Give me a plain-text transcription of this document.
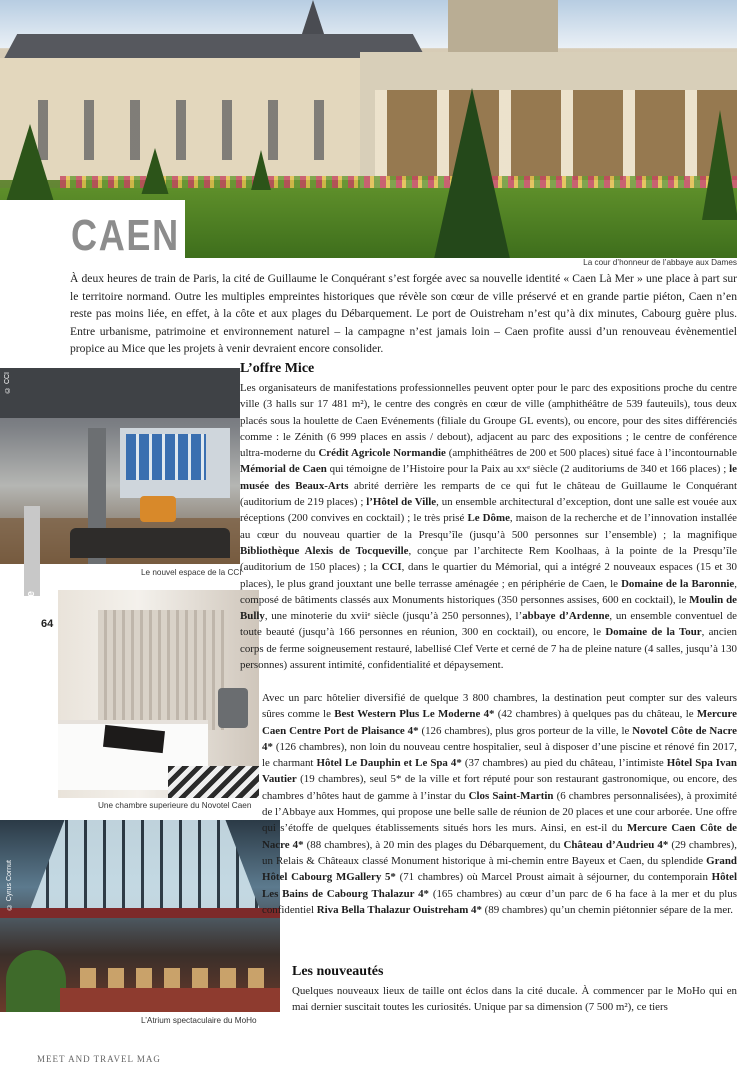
CAEN
La cour d’honneur de l’abbaye aux Dames

À deux heures de train de Paris, la cité de Guillaume le Conquérant s’est forgée avec sa nouvelle identité « Caen Là Mer » une place à part sur le territoire normand. Outre les multiples empreintes historiques que révèle son cœur de ville préservé et en grande partie piéton, Caen n’en reste pas moins liée, en effet, à la côte et aux plages du Débarquement. Le port de Ouistreham n’est qu’à dix minutes, Cabourg guère plus. Entre urbanisme, patrimoine et environnement naturel – la campagne n’est jamais loin – Caen profite aussi d’un renouveau évènementiel propice au Mice que les projets à venir devraient encore consolider.

© CCI
Le nouvel espace de la CCI
NoRMaNDIe 64
Une chambre superieure du Novotel Caen
© Cyrus Cornut
L’Atrium spectaculaire du MoHo
L’offre Mice

Les organisateurs de manifestations professionnelles peuvent opter pour le parc des expositions proche du centre ville (3 halls sur 17 481 m²), le centre des congrès en cœur de ville (amphithéâtre de 539 fauteuils), tous deux placés sous la houlette de Caen Evénements (filiale du Groupe GL events), ou encore, pour des sites différenciés comme : le Zénith (6 999 places en assis / debout), adjacent au parc des expositions ; le centre de conférence ultra-moderne du Crédit Agricole Normandie (amphithéâtres de 200 et 500 places) situé face à l’incontournable Mémorial de Caen qui témoigne de l’Histoire pour la Paix au xxᵉ siècle (2 auditoriums de 340 et 166 places) ; le musée des Beaux-Arts abrité derrière les remparts de ce qui fut le château de Guillaume le Conquérant (auditorium de 219 places) ; l’Hôtel de Ville, un ensemble architectural d’exception, dont une salle est vouée aux réceptions (200 convives en cocktail) ; le très prisé Le Dôme, maison de la recherche et de l’innovation installée au cœur du nouveau quartier de la Presqu’île (jusqu’à 500 personnes sur l’ensemble) ; la magnifique Bibliothèque Alexis de Tocqueville, conçue par l’architecte Rem Koolhaas, à la pointe de la Presqu’île (auditorium de 150 places) ; la CCI, dans le quartier du Mémorial, qui a intégré 2 nouveaux espaces (15 et 30 places), le plus grand jouxtant une belle terrasse aménagée ; en périphérie de Caen, le Domaine de la Baronnie, composé de bâtiments classés aux Monuments historiques (350 personnes assises, 600 en cocktail), le Moulin de Bully, une minoterie du xviiᵉ siècle (jusqu’à 250 personnes), l’abbaye d’Ardenne, un ensemble conventuel de toute beauté (jusqu’à 166 personnes en réunion, 300 en cocktail), ou encore, le Domaine de la Tour, ancien corps de ferme soigneusement restauré, labellisé Clef Verte et cerné de 7 ha de pleine nature (4 salles, jusqu’à 130 personnes) assurent intimité, confidentialité et dépaysement.

Avec un parc hôtelier diversifié de quelque 3 800 chambres, la destination peut compter sur des valeurs sûres comme le Best Western Plus Le Moderne 4* (42 chambres) à quelques pas du château, le Mercure Caen Centre Port de Plaisance 4* (126 chambres), plus gros porteur de la ville, le Novotel Côte de Nacre 4* (126 chambres), non loin du nouveau centre hospitalier, seul à disposer d’une piscine et rénové fin 2017, le charmant Hôtel Le Dauphin et Le Spa 4* (37 chambres) au pied du château, l’intimiste Hôtel Spa Ivan Vautier (19 chambres), seul 5* de la ville et fort réputé pour son restaurant gastronomique, ou encore, des chambres d’hôtes haut de gamme à l’instar du Clos Saint-Martin (6 chambres personnalisées), à proximité de l’Abbaye aux Hommes, qui propose une belle salle de réunion de 20 places et une cour arborée. Une offre qui s’étoffe de quelques établissements situés hors les murs. Ainsi, en est-il du Mercure Caen Côte de Nacre 4* (88 chambres), à 20 min des plages du Débarquement, du Château d’Audrieu 4* (29 chambres), un Relais & Châteaux classé Monument historique à mi-chemin entre Bayeux et Caen, du splendide Grand Hôtel Cabourg MGallery 5* (71 chambres) où Marcel Proust aimait à séjourner, du contemporain Hôtel Les Bains de Cabourg Thalazur 4* (165 chambres) au cœur d’un parc de 6 ha face à la mer et du plus confidentiel Riva Bella Thalazur Ouistreham 4* (89 chambres) qu’un chemin piétonnier sépare de la mer.

Les nouveautés

Quelques nouveaux lieux de taille ont éclos dans la cité ducale. À commencer par le MoHo qui en mai dernier suscitait toutes les curiosités. Unique par sa dimension (7 500 m²), ce tiers

MEET AND TRAVEL MAG
